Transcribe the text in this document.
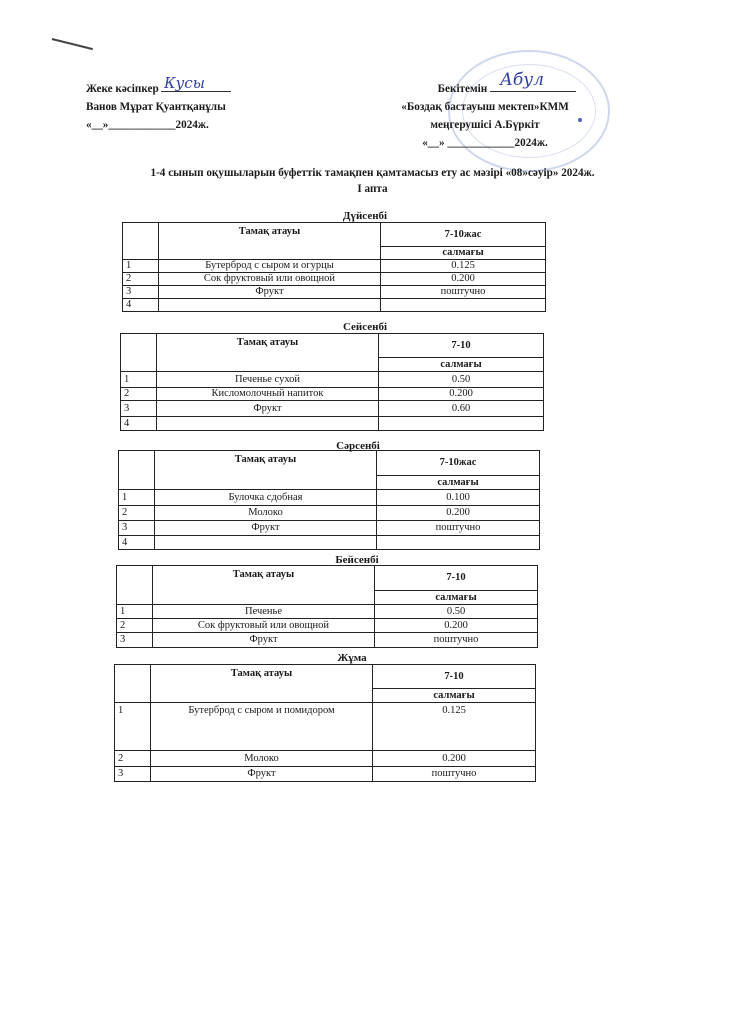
Жеке кәсіпкер
Ванов Мұрат Қуантқанұлы
«__»____________2024ж.
Кусы	Бекітемін
«Боздақ бастауыш мектеп»КММ
меңгерушісі А.Бүркіт
«__» ____________2024ж.
Абул
1-4 сынып оқушыларын буфеттік тамақпен қамтамасыз ету ас мәзірі «08»сәуір» 2024ж.
I апта
Дүйсенбі
	Тамақ атауы	7-10жас
		салмағы
1	Бутерброд с сыром и огурцы	0.125
2	Сок фруктовый или овощной	0.200
3	Фрукт	поштучно
4		
Сейсенбі
	Тамақ атауы	7-10
		салмағы
1	Печенье сухой	0.50
2	Кисломолочный напиток	0.200
3	Фрукт	0.60
4		
Сәрсенбі
	Тамақ атауы	7-10жас
		салмағы
1	Булочка сдобная	0.100
2	Молоко	0.200
3	Фрукт	поштучно
4		
Бейсенбі
	Тамақ атауы	7-10
		салмағы
1	Печенье	0.50
2	Сок фруктовый или овощной	0.200
3	Фрукт	поштучно
Жұма
	Тамақ атауы	7-10
		салмағы
1	Бутерброд с сыром и помидором	0.125
2	Молоко	0.200
3	Фрукт	поштучно
